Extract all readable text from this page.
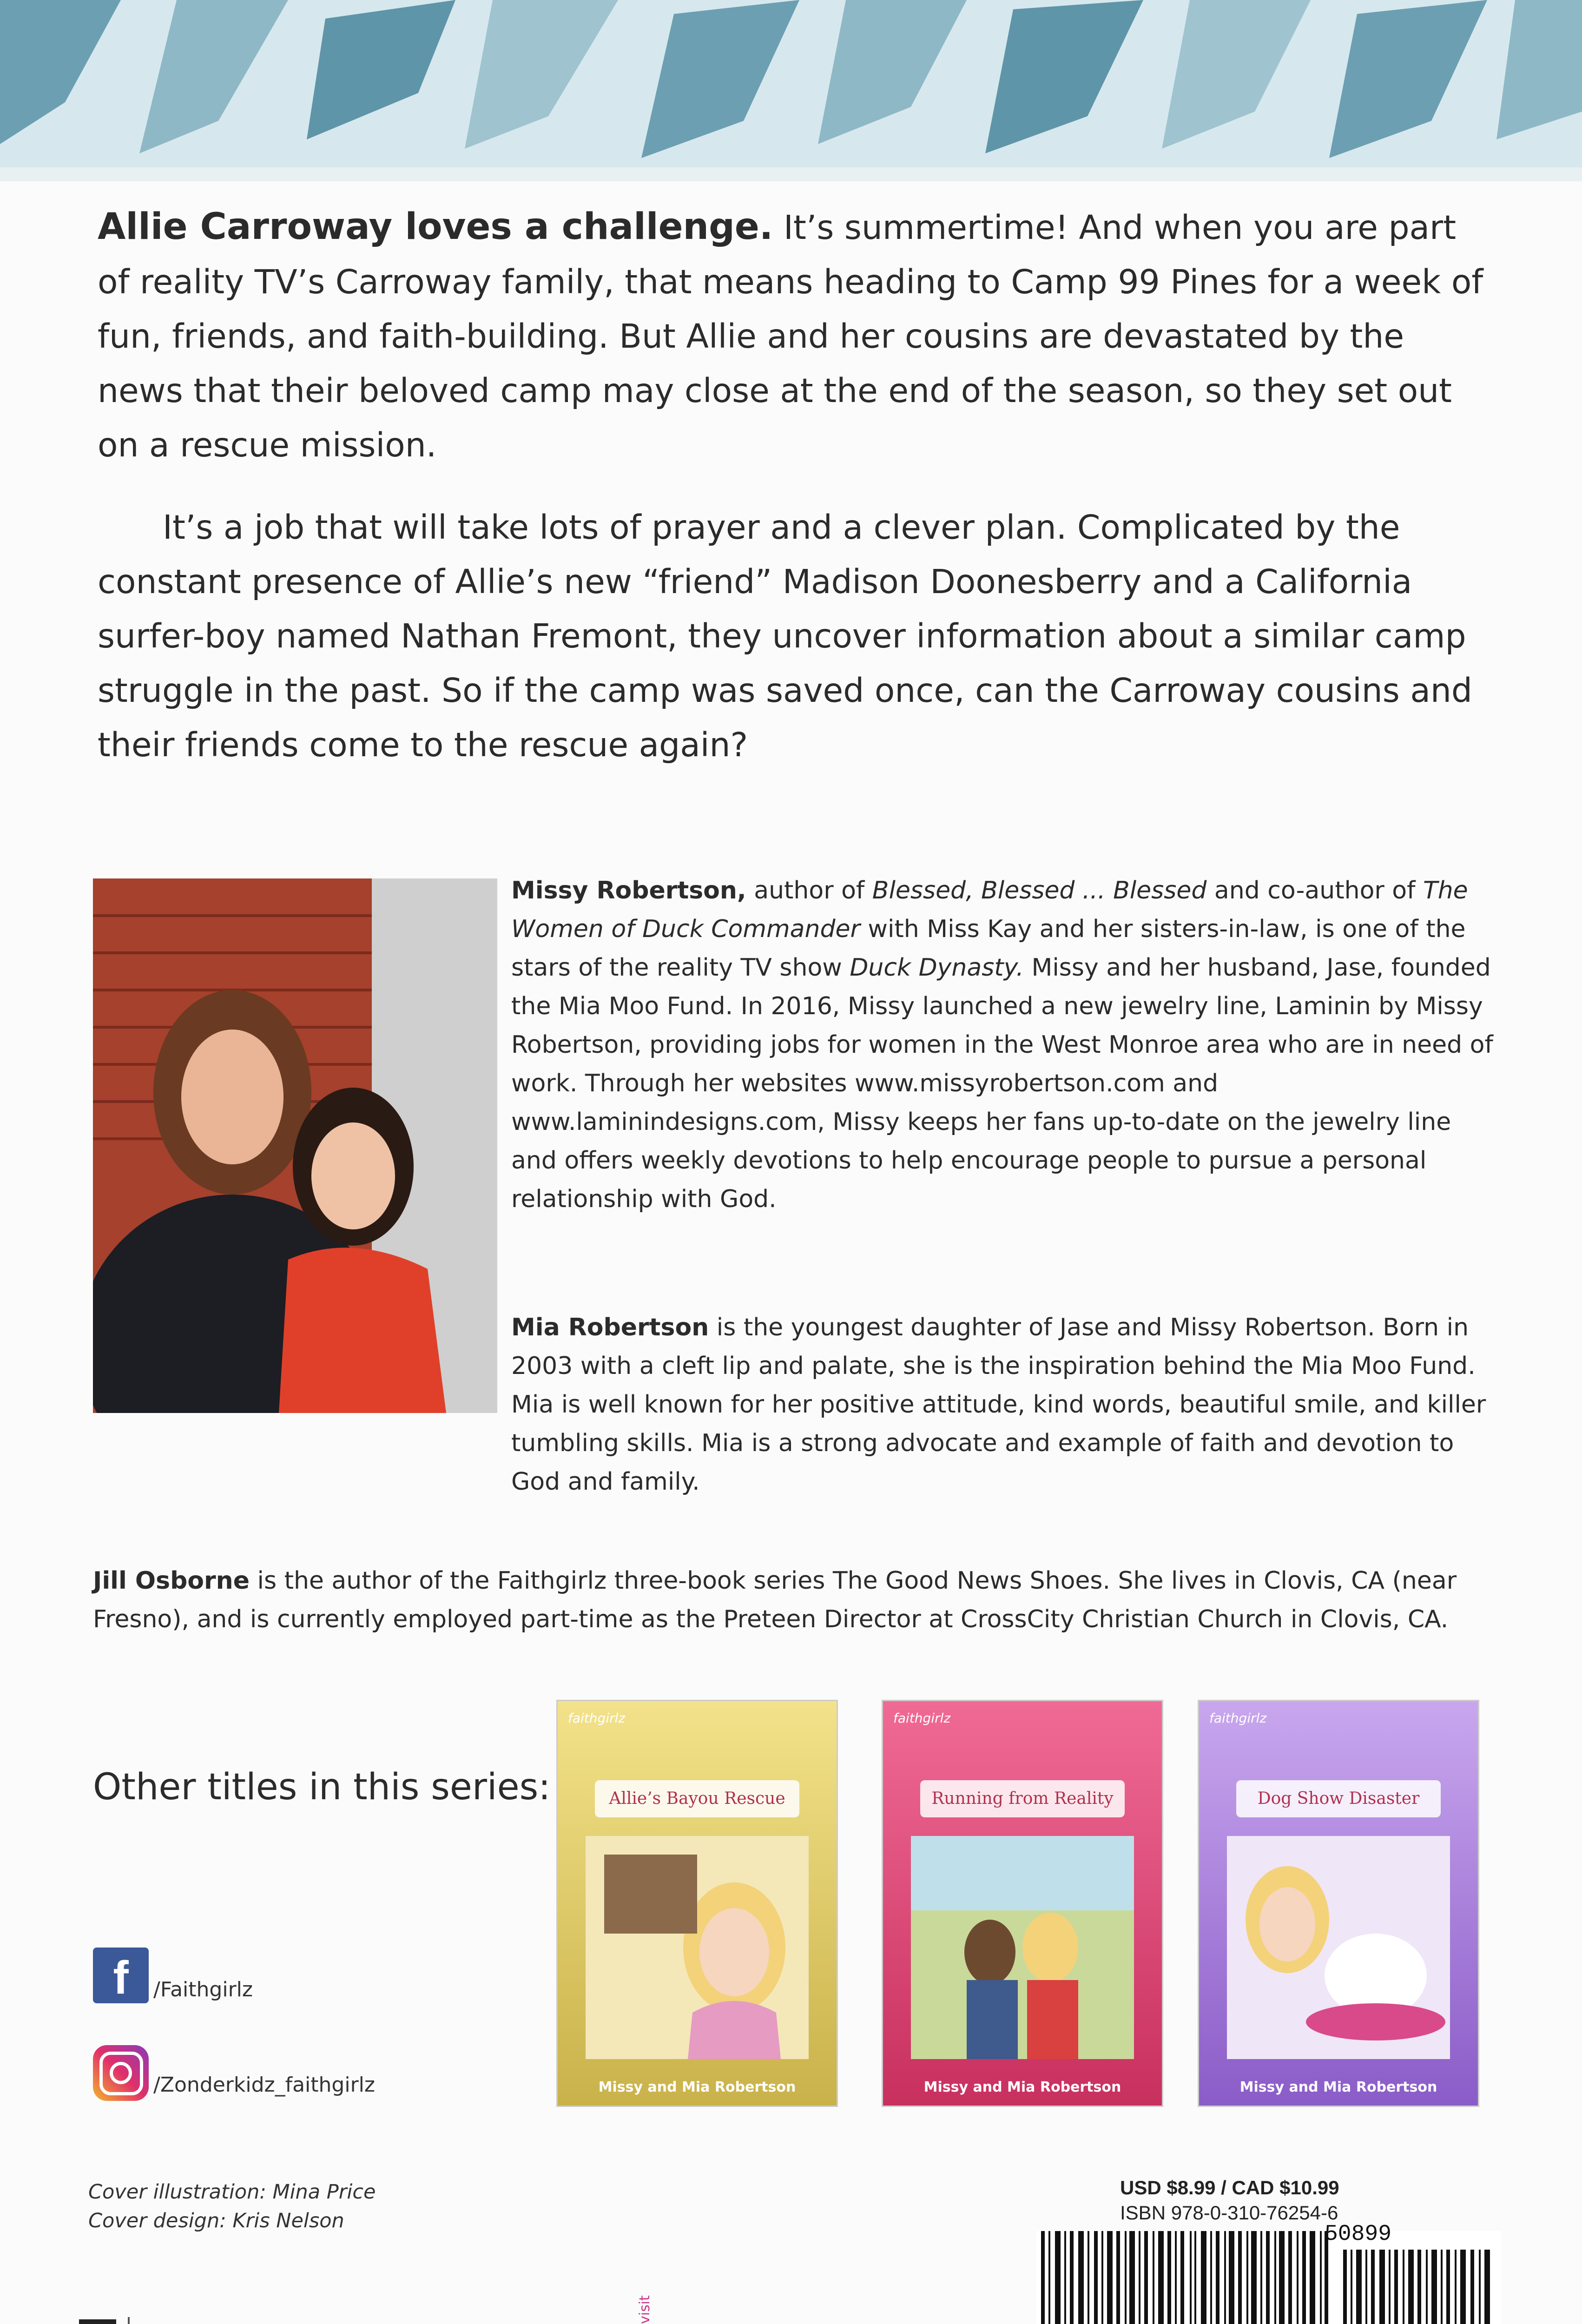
Allie Carroway loves a challenge. It’s summertime! And when you are part of reality TV’s Carroway family, that means heading to Camp 99 Pines for a week of fun, friends, and faith-building. But Allie and her cousins are devastated by the news that their beloved camp may close at the end of the season, so they set out on a rescue mission.

It’s a job that will take lots of prayer and a clever plan. Complicated by the constant presence of Allie’s new “friend” Madison Doonesberry and a California surfer-boy named Nathan Fremont, they uncover information about a similar camp struggle in the past. So if the camp was saved once, can the Carroway cousins and their friends come to the rescue again?

Missy Robertson, author of Blessed, Blessed ... Blessed and co-author of The Women of Duck Commander with Miss Kay and her sisters-in-law, is one of the stars of the reality TV show Duck Dynasty. Missy and her husband, Jase, founded the Mia Moo Fund. In 2016, Missy launched a new jewelry line, Laminin by Missy Robertson, providing jobs for women in the West Monroe area who are in need of work. Through her websites www.missyrobertson.com and www.laminindesigns.com, Missy keeps her fans up-to-date on the jewelry line and offers weekly devotions to help encourage people to pursue a personal relationship with God.

Mia Robertson is the youngest daughter of Jase and Missy Robertson. Born in 2003 with a cleft lip and palate, she is the inspiration behind the Mia Moo Fund. Mia is well known for her positive attitude, kind words, beautiful smile, and killer tumbling skills. Mia is a strong advocate and example of faith and devotion to God and family.

Jill Osborne is the author of the Faithgirlz three-book series The Good News Shoes. She lives in Clovis, CA (near Fresno), and is currently employed part-time as the Preteen Director at CrossCity Christian Church in Clovis, CA.

Other titles in this series:
faithgirlz
Allie’s Bayou Rescue
Missy and Mia Robertson
faithgirlz
Running from Reality
Missy and Mia Robertson
faithgirlz
Dog Show Disaster
Missy and Mia Robertson
f	/Faithgirlz
/Zonderkidz_faithgirlz
Cover illustration: Mina Price
Cover design: Kris Nelson
USD $8.99 / CAD $10.99
ISBN 978-0-310-76254-6
50899
visit
